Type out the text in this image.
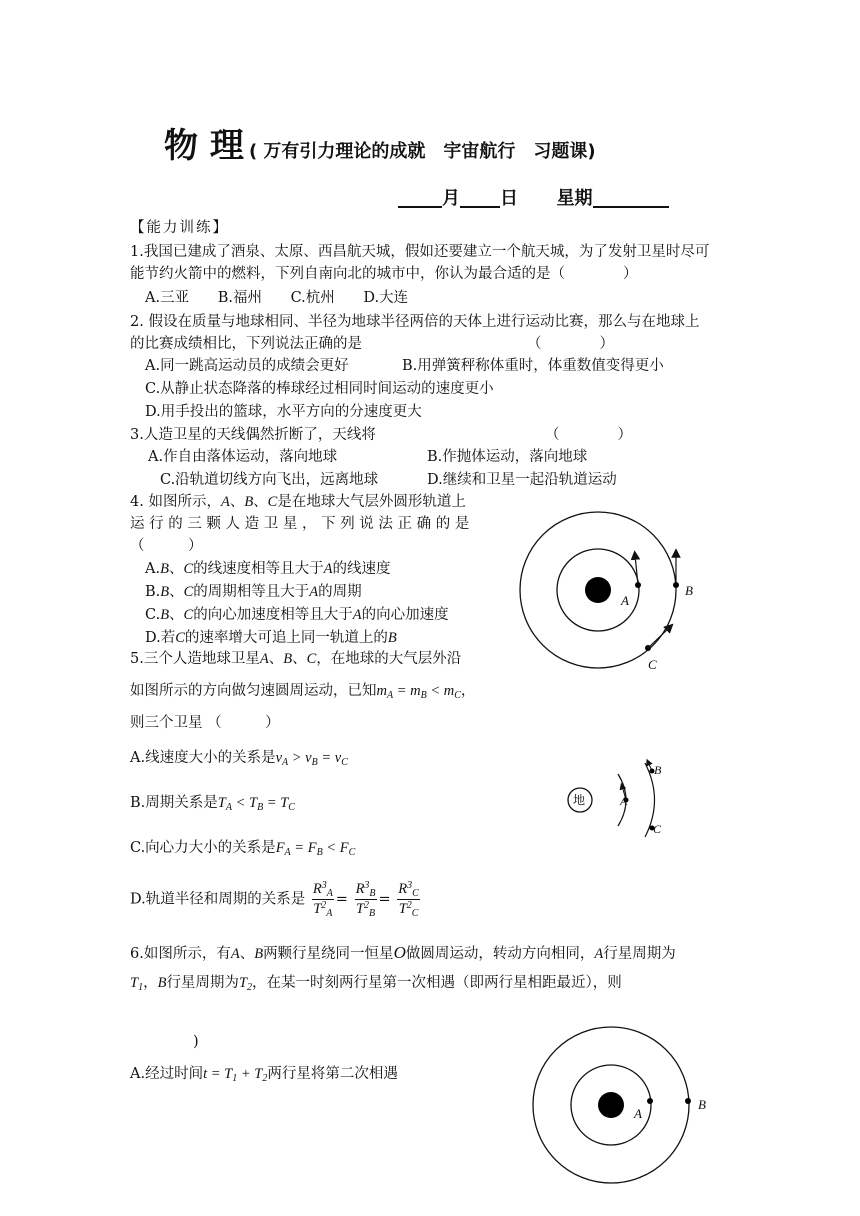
物 理 ( 万有引力理论的成就　宇宙航行　习题课)
月 日 星期
【能力训练】
1.我国已建成了酒泉、太原、西昌航天城，假如还要建立一个航天城，为了发射卫星时尽可
能节约火箭中的燃料，下列自南向北的城市中，你认为最合适的是（　　　　）
A.三亚 B.福州 C.杭州 D.大连
2. 假设在质量与地球相同、半径为地球半径两倍的天体上进行运动比赛，那么与在地球上
的比赛成绩相比，下列说法正确的是	（　　　　）
A.同一跳高运动员的成绩会更好	B.用弹簧秤称体重时，体重数值变得更小
C.从静止状态降落的棒球经过相同时间运动的速度更小
D.用手投出的篮球，水平方向的分速度更大
3.人造卫星的天线偶然折断了，天线将	（　　　　）
A.作自由落体运动，落向地球	B.作抛体运动，落向地球
C.沿轨道切线方向飞出，远离地球	D.继续和卫星一起沿轨道运动
4. 如图所示，A、B、C是在地球大气层外圆形轨道上
运 行 的 三 颗 人 造 卫 星 ， 下 列 说 法 正 确 的 是
（　　　）
A.B、C的线速度相等且大于A的线速度
B.B、C的周期相等且大于A的周期
C.B、C的向心加速度相等且大于A的向心加速度
D.若C的速率增大可追上同一轨道上的B
A
B
C
5.三个人造地球卫星A、B、C，在地球的大气层外沿
如图所示的方向做匀速圆周运动，已知$m_A = m_B < m_C$，
则三个卫星 （　　　）
A.线速度大小的关系是$v_A > v_B = v_C$
B.周期关系是$T_A < T_B = T_C$
C.向心力大小的关系是$F_A = F_B < F_C$
D.轨道半径和周期的关系是 $\frac{R^3_A}{T^2_A} = \frac{R^3_B}{T^2_B} = \frac{R^3_C}{T^2_C}$
地	A
B
C
6.如图所示，有A、B两颗行星绕同一恒星O做圆周运动，转动方向相同，A行星周期为
$T_1$，B行星周期为$T_2$，在某一时刻两行星第一次相遇（即两行星相距最近），则
)
A.经过时间$t = T_1 + T_2$两行星将第二次相遇
A
B
